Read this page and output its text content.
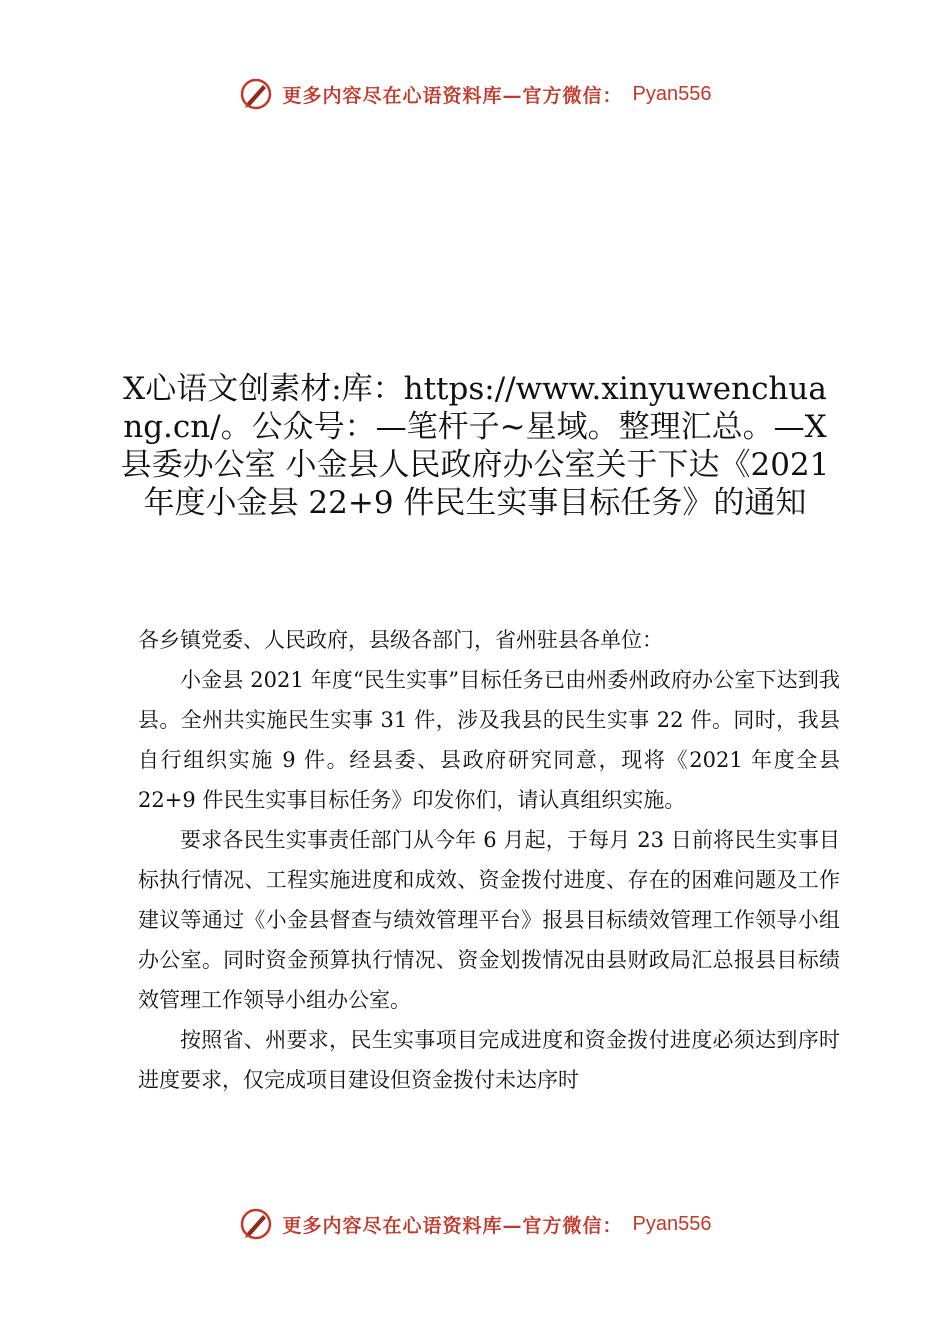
更多内容尽在心语资料库—官方微信： Pyan556
X心语文创素材:库：https://www.xinyuwenchuang.cn/。公众号：—笔杆子~星域。整理汇总。—X县委办公室 小金县人民政府办公室关于下达《2021 年度小金县 22+9 件民生实事目标任务》的通知

各乡镇党委、人民政府，县级各部门，省州驻县各单位：

小金县 2021 年度“民生实事”目标任务已由州委州政府办公室下达到我县。全州共实施民生实事 31 件，涉及我县的民生实事 22 件。同时，我县自行组织实施 9 件。经县委、县政府研究同意，现将《2021 年度全县 22+9 件民生实事目标任务》印发你们，请认真组织实施。

要求各民生实事责任部门从今年 6 月起，于每月 23 日前将民生实事目标执行情况、工程实施进度和成效、资金拨付进度、存在的困难问题及工作建议等通过《小金县督查与绩效管理平台》报县目标绩效管理工作领导小组办公室。同时资金预算执行情况、资金划拨情况由县财政局汇总报县目标绩效管理工作领导小组办公室。

按照省、州要求，民生实事项目完成进度和资金拨付进度必须达到序时进度要求，仅完成项目建设但资金拨付未达序时

更多内容尽在心语资料库—官方微信： Pyan556
